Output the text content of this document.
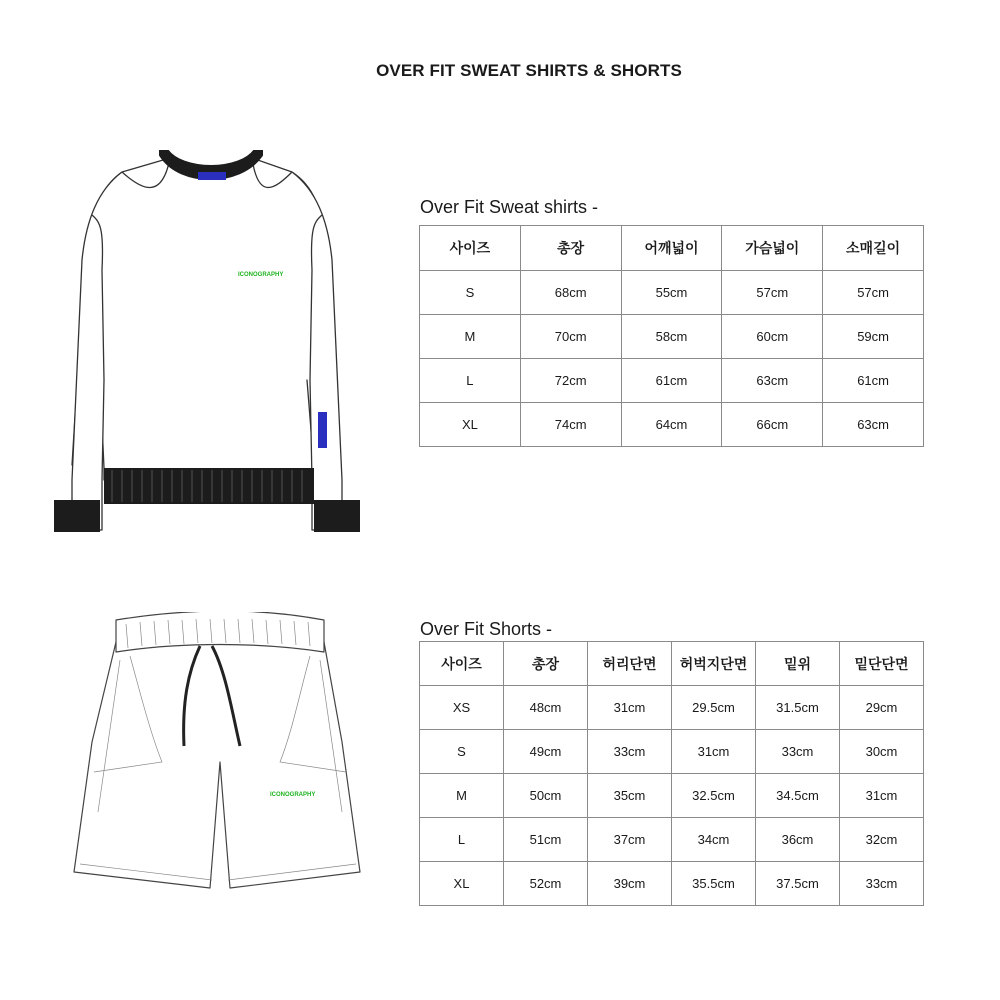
OVER FIT SWEAT SHIRTS & SHORTS
ICONOGRAPHY
Over Fit Sweat shirts -
사이즈	총장	어깨넓이	가슴넓이	소매길이
S	68cm	55cm	57cm	57cm
M	70cm	58cm	60cm	59cm
L	72cm	61cm	63cm	61cm
XL	74cm	64cm	66cm	63cm
ICONOGRAPHY
Over Fit Shorts -
사이즈	총장	허리단면	허벅지단면	밑위	밑단단면
XS	48cm	31cm	29.5cm	31.5cm	29cm
S	49cm	33cm	31cm	33cm	30cm
M	50cm	35cm	32.5cm	34.5cm	31cm
L	51cm	37cm	34cm	36cm	32cm
XL	52cm	39cm	35.5cm	37.5cm	33cm
